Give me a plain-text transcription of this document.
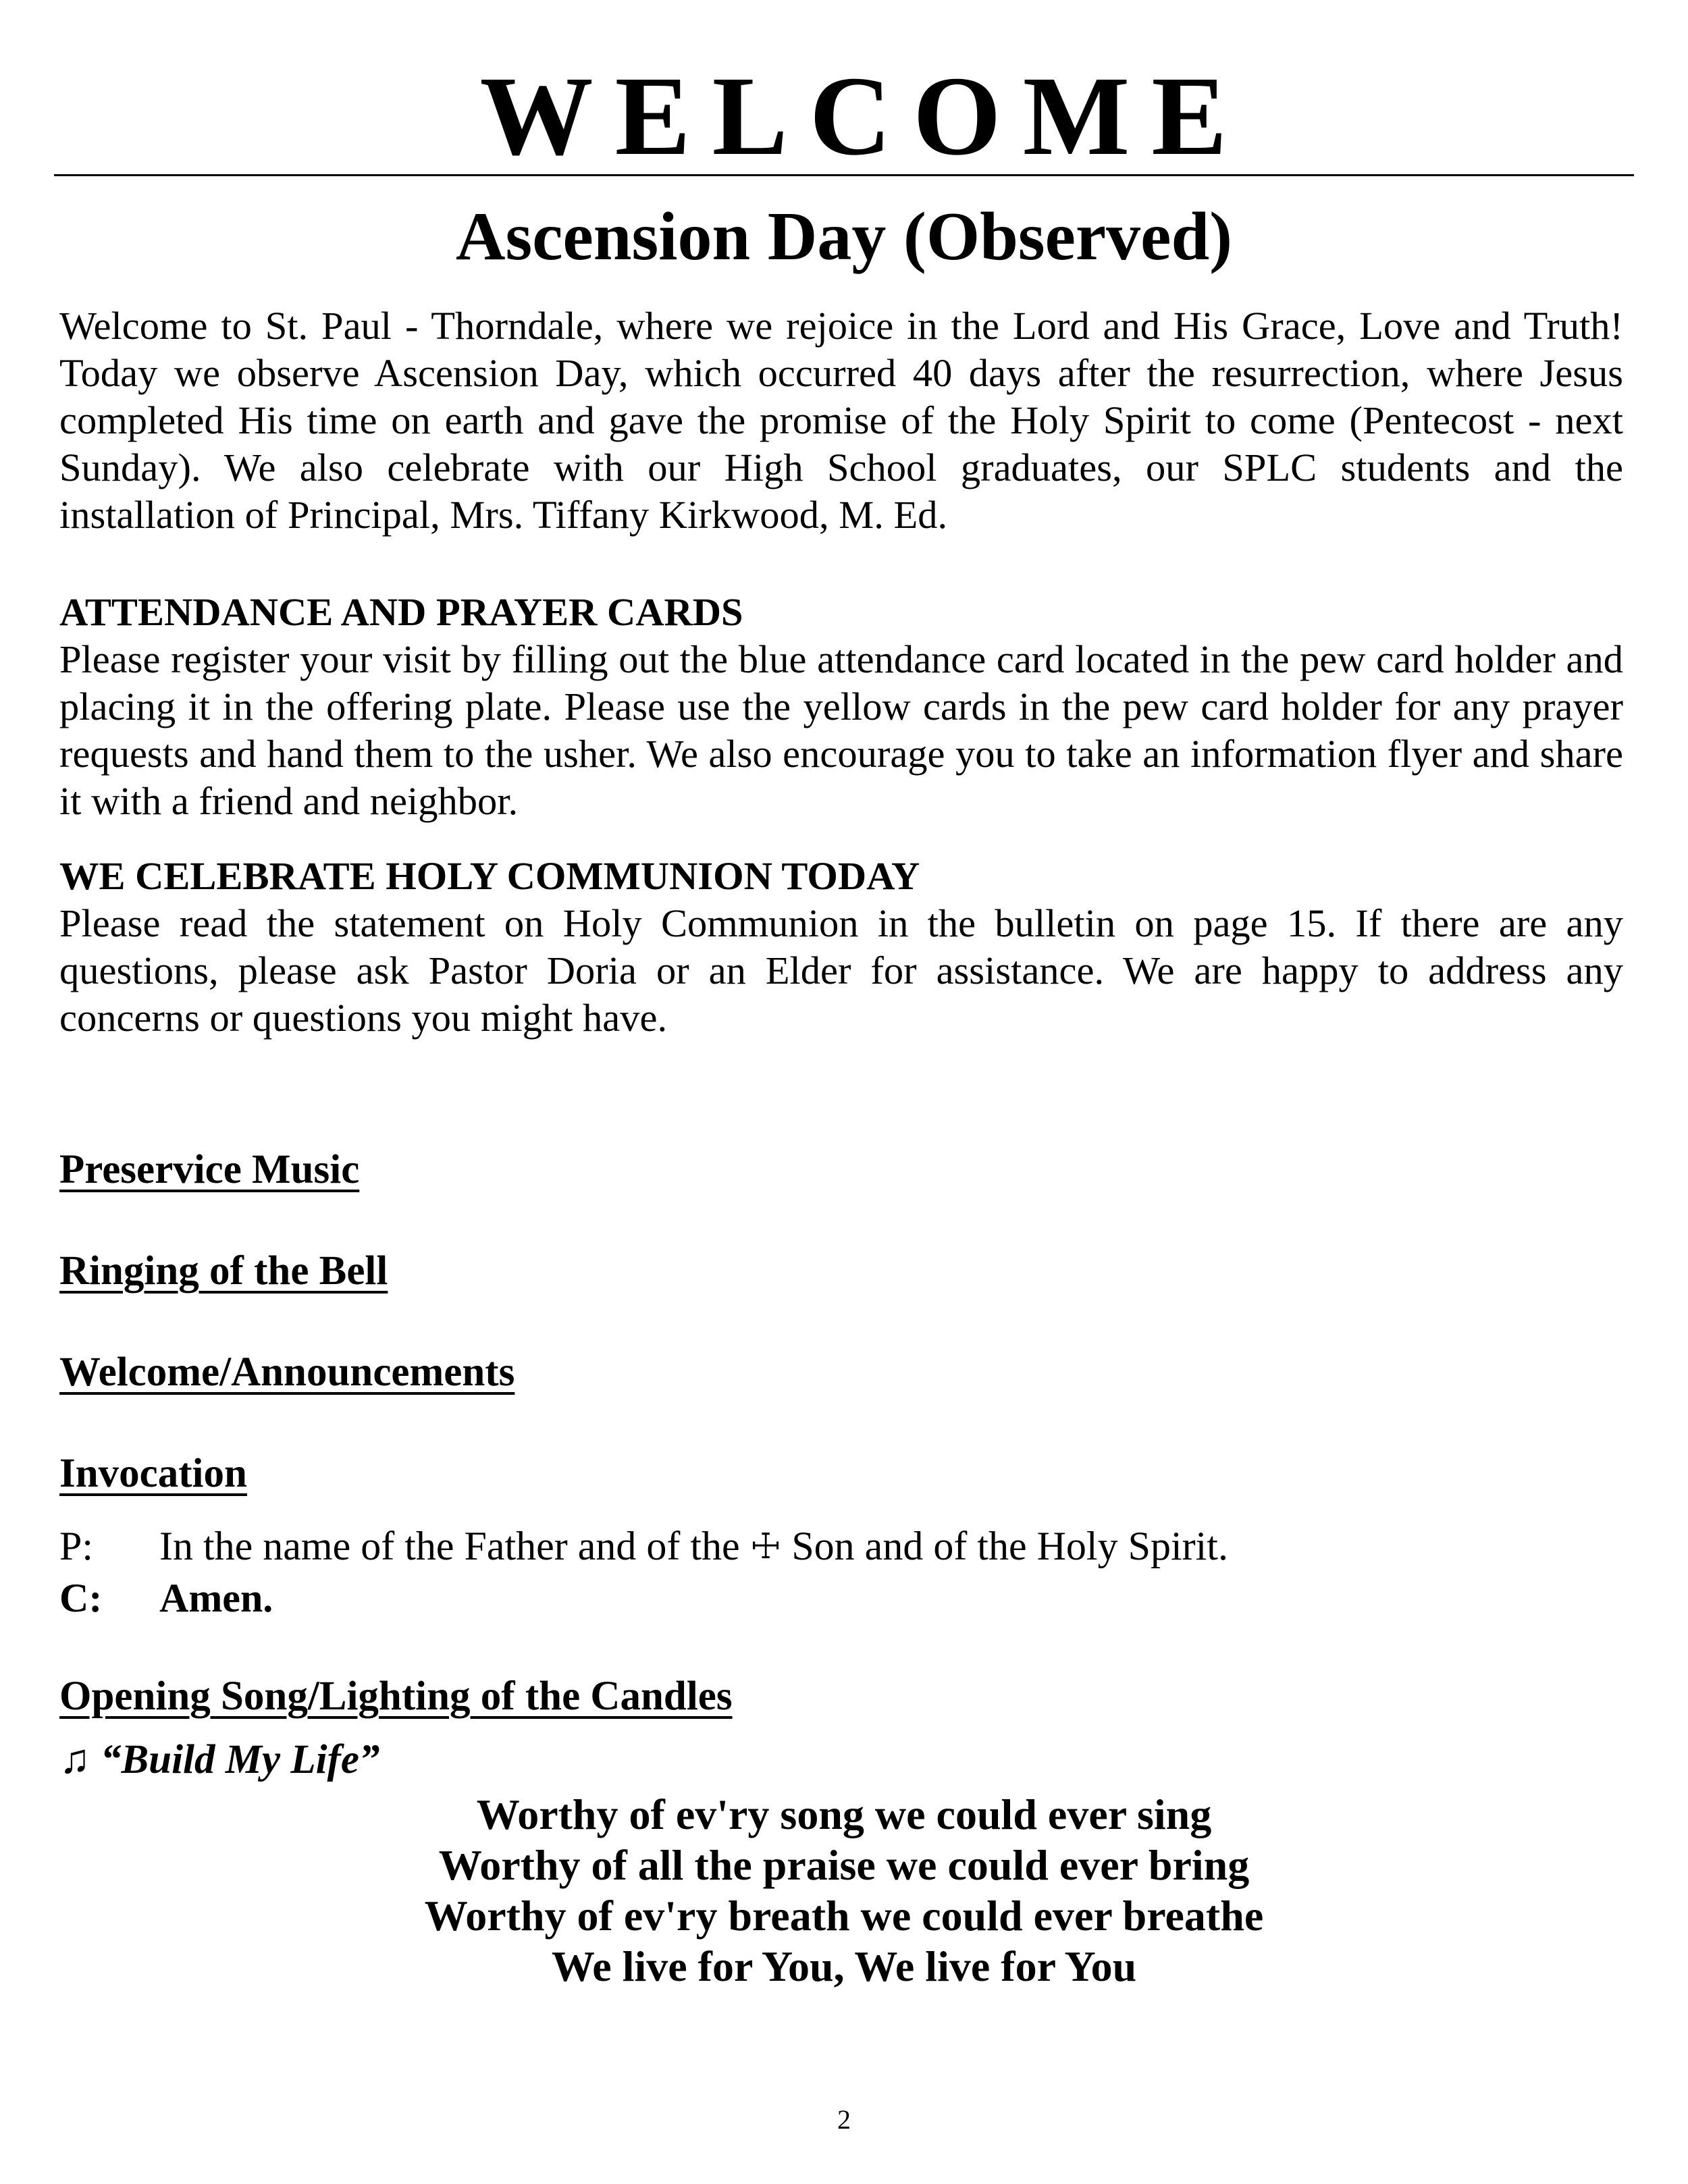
WELCOME
Ascension Day (Observed)
Welcome to St. Paul - Thorndale, where we rejoice in the Lord and His Grace, Love and Truth! Today we observe Ascension Day, which occurred 40 days after the resurrection, where Jesus completed His time on earth and gave the promise of the Holy Spirit to come (Pentecost - next Sunday). We also celebrate with our High School graduates, our SPLC students and the installation of Principal, Mrs. Tiffany Kirkwood, M. Ed.
ATTENDANCE AND PRAYER CARDS
Please register your visit by filling out the blue attendance card located in the pew card holder and placing it in the offering plate. Please use the yellow cards in the pew card holder for any prayer requests and hand them to the usher. We also encourage you to take an information flyer and share it with a friend and neighbor.
WE CELEBRATE HOLY COMMUNION TODAY
Please read the statement on Holy Communion in the bulletin on page 15. If there are any questions, please ask Pastor Doria or an Elder for assistance. We are happy to address any concerns or questions you might have.
Preservice Music
Ringing of the Bell
Welcome/Announcements
Invocation
P: In the name of the Father and of the ☩ Son and of the Holy Spirit.
C: Amen.
Opening Song/Lighting of the Candles
♫ “Build My Life”
Worthy of ev'ry song we could ever sing
Worthy of all the praise we could ever bring
Worthy of ev'ry breath we could ever breathe
We live for You, We live for You
2
